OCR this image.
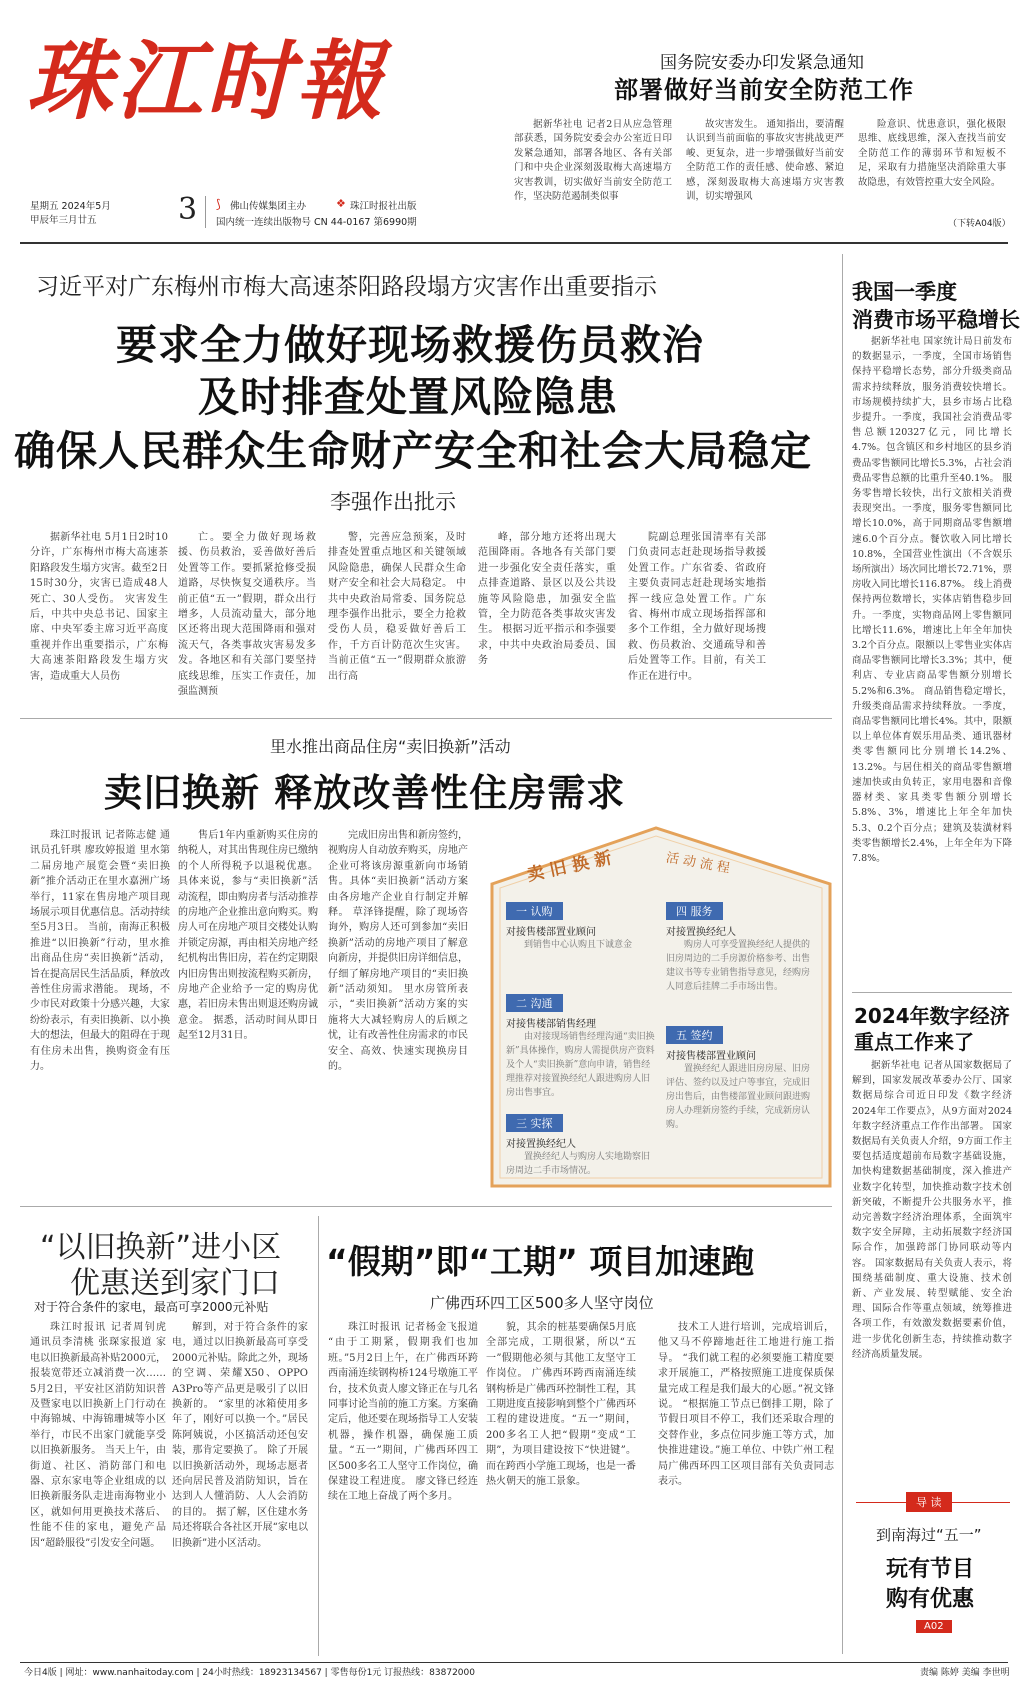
珠江时報
星期五 2024年5月
甲辰年三月廿五	3 ⟆ 佛山传媒集团主办	❖ 珠江时报社出版
国内统一连续出版物号 CN 44-0167 第6990期
国务院安委办印发紧急通知
部署做好当前安全防范工作

据新华社电 记者2日从应急管理部获悉，国务院安委会办公室近日印发紧急通知，部署各地区、各有关部门和中央企业深刻汲取梅大高速塌方灾害教训，切实做好当前安全防范工作，坚决防范遏制类似事

故灾害发生。 通知指出，要清醒认识到当前面临的事故灾害挑战更严峻、更复杂，进一步增强做好当前安全防范工作的责任感、使命感、紧迫感，深刻汲取梅大高速塌方灾害教训，切实增强风

险意识、忧患意识，强化极限思维、底线思维，深入查找当前安全防范工作的薄弱环节和短板不足，采取有力措施坚决消除重大事故隐患，有效管控重大安全风险。

（下转A04版）
习近平对广东梅州市梅大高速茶阳路段塌方灾害作出重要指示
要求全力做好现场救援伤员救治
及时排查处置风险隐患
确保人民群众生命财产安全和社会大局稳定
李强作出批示

据新华社电 5月1日2时10分许，广东梅州市梅大高速茶阳路段发生塌方灾害。截至2日15时30分，灾害已造成48人死亡、30人受伤。 灾害发生后，中共中央总书记、国家主席、中央军委主席习近平高度重视并作出重要指示，广东梅大高速茶阳路段发生塌方灾害，造成重大人员伤

亡。要全力做好现场救援、伤员救治，妥善做好善后处置等工作。要抓紧抢修受损道路，尽快恢复交通秩序。当前正值“五一”假期，群众出行增多，人员流动量大，部分地区还将出现大范围降雨和强对流天气，各类事故灾害易发多发。各地区和有关部门要坚持底线思维，压实工作责任，加强监测预

警，完善应急预案，及时排查处置重点地区和关键领域风险隐患，确保人民群众生命财产安全和社会大局稳定。 中共中央政治局常委、国务院总理李强作出批示，要全力抢救受伤人员，稳妥做好善后工作，千方百计防范次生灾害。当前正值“五一”假期群众旅游出行高

峰，部分地方还将出现大范围降雨。各地各有关部门要进一步强化安全责任落实，重点排查道路、景区以及公共设施等风险隐患，加强安全监管，全力防范各类事故灾害发生。 根据习近平指示和李强要求，中共中央政治局委员、国务

院副总理张国清率有关部门负责同志赶赴现场指导救援处置工作。广东省委、省政府主要负责同志赶赴现场实地指挥一线应急处置工作。广东省、梅州市成立现场指挥部和多个工作组，全力做好现场搜救、伤员救治、交通疏导和善后处置等工作。目前，有关工作正在进行中。

我国一季度
消费市场平稳增长

据新华社电 国家统计局日前发布的数据显示，一季度，全国市场销售保持平稳增长态势，部分升级类商品需求持续释放，服务消费较快增长。 市场规模持续扩大，县乡市场占比稳步提升。一季度，我国社会消费品零售总额120327亿元，同比增长4.7%。包含镇区和乡村地区的县乡消费品零售额同比增长5.3%，占社会消费品零售总额的比重升至40.1%。 服务零售增长较快，出行文旅相关消费表现突出。一季度，服务零售额同比增长10.0%，高于同期商品零售额增速6.0个百分点。餐饮收入同比增长10.8%，全国营业性演出（不含娱乐场所演出）场次同比增长72.71%，票房收入同比增长116.87%。 线上消费保持两位数增长，实体店销售稳步回升。一季度，实物商品网上零售额同比增长11.6%，增速比上年全年加快3.2个百分点。限额以上零售业实体店商品零售额同比增长3.3%；其中，便利店、专业店商品零售额分别增长5.2%和6.3%。 商品销售稳定增长，升级类商品需求持续释放。一季度，商品零售额同比增长4%。其中，限额以上单位体育娱乐用品类、通讯器材类零售额同比分别增长14.2%、13.2%。与居住相关的商品零售额增速加快或由负转正，家用电器和音像器材类、家具类零售额分别增长5.8%、3%，增速比上年全年加快5.3、0.2个百分点；建筑及装潢材料类零售额增长2.4%，上年全年为下降7.8%。

里水推出商品住房“卖旧换新”活动
卖旧换新 释放改善性住房需求

珠江时报讯 记者陈志健 通讯员孔钎琪 廖玫婷报道 里水第二届房地产展览会暨“卖旧换新”推介活动正在里水嘉洲广场举行，11家在售房地产项目现场展示项目优惠信息。活动持续至5月3日。 当前，南海正积极推进“以旧换新”行动，里水推出商品住房“卖旧换新”活动，旨在提高居民生活品质，释放改善性住房需求潜能。 现场，不少市民对政策十分感兴趣，大家纷纷表示，有卖旧换新、以小换大的想法，但最大的阻碍在于现有住房未出售，换购资金有压力。

售后1年内重新购买住房的纳税人，对其出售现住房已缴纳的个人所得税予以退税优惠。 具体来说，参与“卖旧换新”活动流程，即由购房者与活动推荐的房地产企业推出意向购买。购房人可在房地产项目交楼处认购并锁定房源，再由相关房地产经纪机构出售旧房，若在约定期限内旧房售出则按流程购买新房，房地产企业给予一定的购房优惠，若旧房未售出则退还购房诚意金。 据悉，活动时间从即日起至12月31日。

完成旧房出售和新房签约，视购房人自动放弃购买，房地产企业可将该房源重新向市场销售。具体“卖旧换新”活动方案由各房地产企业自行制定并解释。 草泽锋提醒，除了现场咨询外，购房人还可到参加“卖旧换新”活动的房地产项目了解意向新房，并提供旧房详细信息，仔细了解房地产项目的“卖旧换新”活动须知。 里水房管所表示，“卖旧换新”活动方案的实施将大大减轻购房人的后顾之忧，让有改善性住房需求的市民安全、高效、快速实现换房目的。

卖 旧 换 新	活 动 流 程
一 认购
对接售楼部置业顾问
到销售中心认购且下诚意金
二 沟通
对接售楼部销售经理
由对接现场销售经理沟通“卖旧换新”具体操作，购房人需提供房产资料及个人“卖旧换新”意向申请，销售经理推荐对接置换经纪人跟进购房人旧房出售事宜。
三 实探
对接置换经纪人
置换经纪人与购房人实地勘察旧房周边二手市场情况。
四 服务
对接置换经纪人
购房人可享受置换经纪人提供的旧房周边的二手房源价格参考、出售建议书等专业销售指导意见，经购房人同意后挂牌二手市场出售。
五 签约
对接售楼部置业顾问
置换经纪人跟进旧房房屋、旧房评估、签约以及过户等事宜，完成旧房出售后，由售楼部置业顾问跟进购房人办理新房签约手续，完成新房认购。
2024年数字经济
重点工作来了

据新华社电 记者从国家数据局了解到，国家发展改革委办公厅、国家数据局综合司近日印发《数字经济2024年工作要点》，从9方面对2024年数字经济重点工作作出部署。 国家数据局有关负责人介绍，9方面工作主要包括适度超前布局数字基础设施，加快构建数据基础制度，深入推进产业数字化转型，加快推动数字技术创新突破，不断提升公共服务水平，推动完善数字经济治理体系，全面筑牢数字安全屏障，主动拓展数字经济国际合作，加强跨部门协同联动等内容。 国家数据局有关负责人表示，将围绕基础制度、重大设施、技术创新、产业发展、转型赋能、安全治理、国际合作等重点领域，统筹推进各项工作，有效激发数据要素价值，进一步优化创新生态，持续推动数字经济高质量发展。

导 读
到南海过“五一”
玩有节目
购有优惠
A02
“以旧换新”进小区
优惠送到家门口
对于符合条件的家电，最高可享2000元补贴

珠江时报讯 记者周钊虎 通讯员李清桃 张琛家报道 家电以旧换新最高补贴2000元，报装宽带还立减消费一次……5月2日，平安社区消防知识普及暨家电以旧换新上门行动在中海锦城、中海锦珊城等小区举行，市民不出家门就能享受以旧换新服务。 当天上午，由街道、社区、消防部门和电器、京东家电等企业组成的以旧换新服务队走进南海物业小区，就如何用更换技术落后、性能不佳的家电，避免产品因“超龄服役”引发安全问题。

解到，对于符合条件的家电，通过以旧换新最高可享受2000元补贴。除此之外，现场的空调、荣耀X50、OPPO A3Pro等产品更是吸引了以旧换新的。 “家里的冰箱使用多年了，刚好可以换一个。”居民陈阿姨说，小区搞活动还包安装，那肯定要换了。 除了开展以旧换新活动外，现场志愿者还向居民普及消防知识，旨在达到人人懂消防、人人会消防的目的。 据了解，区住建水务局还将联合各社区开展“家电以旧换新”进小区活动。

“假期”即“工期” 项目加速跑
广佛西环四工区500多人坚守岗位

珠江时报讯 记者杨金飞报道 “由于工期紧，假期我们也加班。”5月2日上午，在广佛西环跨西南涌连续钢构桥124号墩施工平台，技术负责人廖文锋正在与几名同事讨论当前的施工方案。方案确定后，他还要在现场指导工人安装机器，操作机器，确保施工质量。“五一”期间，广佛西环四工区500多名工人坚守工作岗位，确保建设工程进度。 廖文锋已经连续在工地上奋战了两个多月。

貌，其余的桩基要确保5月底全部完成，工期很紧，所以“五一”假期他必须与其他工友坚守工作岗位。 广佛西环跨西南涌连续钢构桥是广佛西环控制性工程，其工期进度直接影响到整个广佛西环工程的建设进度。“五一”期间，200多名工人把“假期”变成“工期”，为项目建设按下“快进键”。 而在跨西小学施工现场，也是一番热火朝天的施工景象。

技术工人进行培训，完成培训后，他又马不停蹄地赶往工地进行施工指导。 “我们就工程的必须要施工精度要求开展施工，严格按照施工进度保质保量完成工程是我们最大的心愿。”祝文锋说。 “根据施工节点已倒排工期，除了节假日项目不停工，我们还采取合理的交替作业，多点位同步施工等方式，加快推进建设。”施工单位、中铁广州工程局广佛西环四工区项目部有关负责同志表示。

今日4版 | 网址：www.nanhaitoday.com | 24小时热线：18923134567 | 零售每份1元 订报热线：83872000	责编 陈婷 美编 李世明
